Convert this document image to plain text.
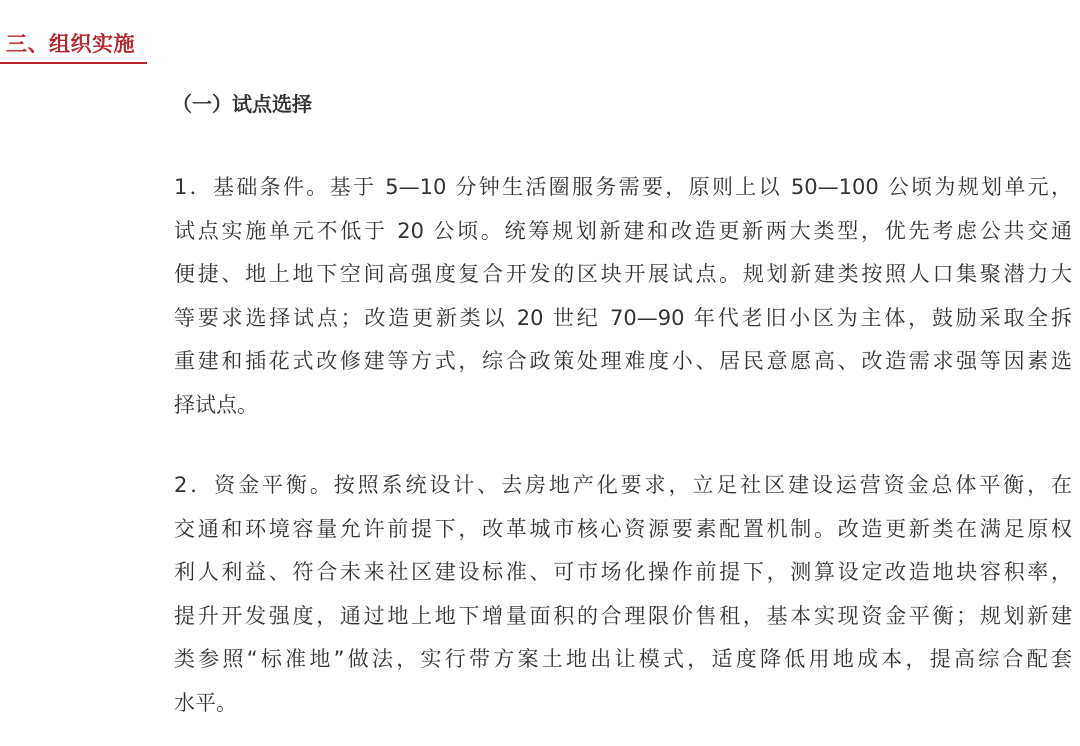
三、组织实施
（一）试点选择
1．基础条件。基于 5—10 分钟生活圈服务需要，原则上以 50—100 公顷为规划单元，
试点实施单元不低于 20 公顷。统筹规划新建和改造更新两大类型，优先考虑公共交通
便捷、地上地下空间高强度复合开发的区块开展试点。规划新建类按照人口集聚潜力大
等要求选择试点；改造更新类以 20 世纪 70—90 年代老旧小区为主体，鼓励采取全拆
重建和插花式改修建等方式，综合政策处理难度小、居民意愿高、改造需求强等因素选
择试点。
2．资金平衡。按照系统设计、去房地产化要求，立足社区建设运营资金总体平衡，在
交通和环境容量允许前提下，改革城市核心资源要素配置机制。改造更新类在满足原权
利人利益、符合未来社区建设标准、可市场化操作前提下，测算设定改造地块容积率，
提升开发强度，通过地上地下增量面积的合理限价售租，基本实现资金平衡；规划新建
类参照“标准地”做法，实行带方案土地出让模式，适度降低用地成本，提高综合配套
水平。
